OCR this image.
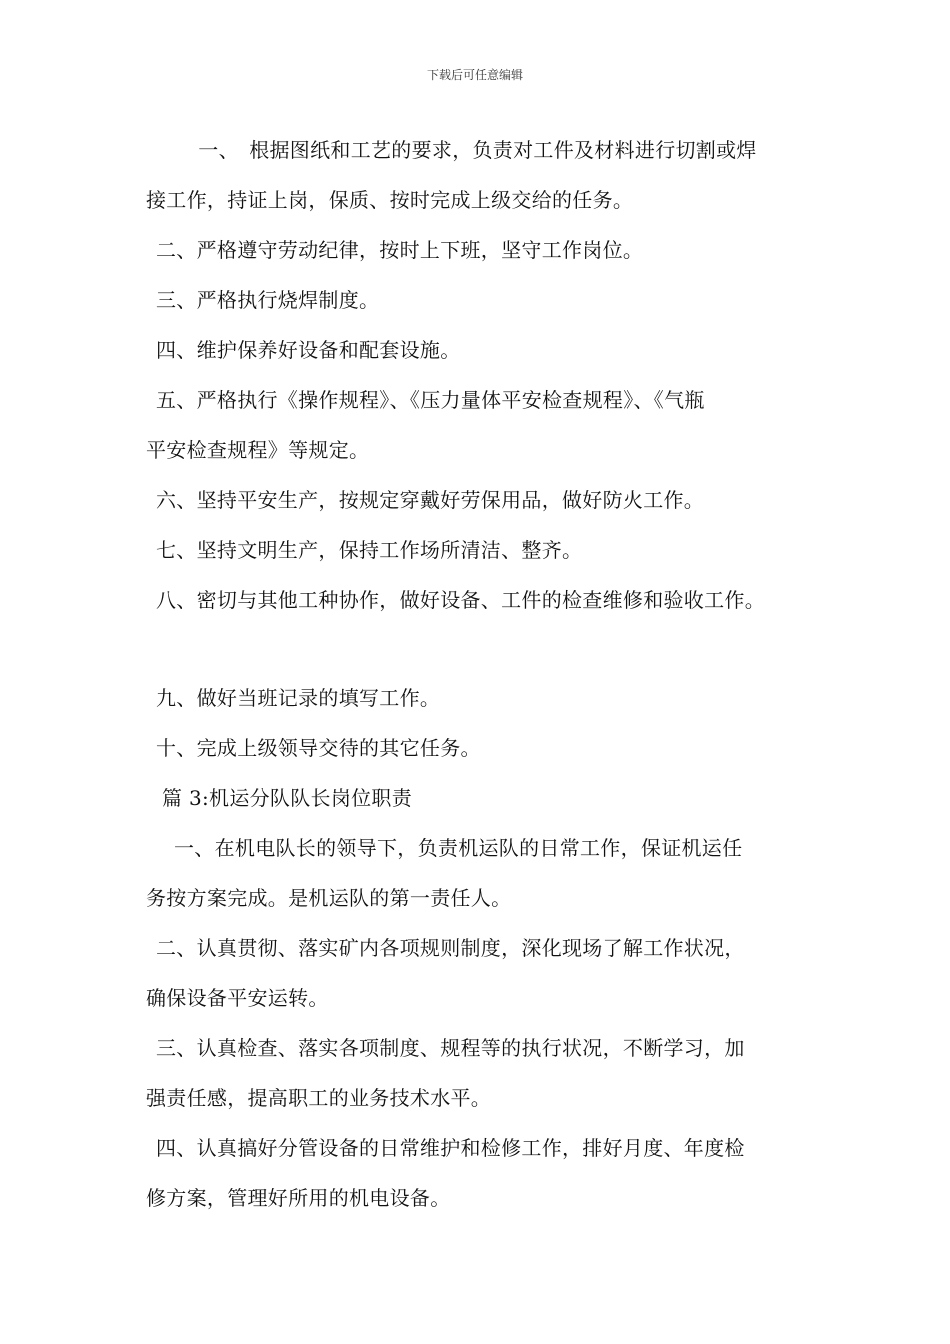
下载后可任意编辑
　一、　根据图纸和工艺的要求，负责对工件及材料进行切割或焊
接工作，持证上岗，保质、按时完成上级交给的任务。
二、严格遵守劳动纪律，按时上下班，坚守工作岗位。
三、严格执行烧焊制度。
四、维护保养好设备和配套设施。
五、严格执行《操作规程》、《压力量体平安检查规程》、《气瓶
平安检查规程》等规定。
六、坚持平安生产，按规定穿戴好劳保用品，做好防火工作。
七、坚持文明生产，保持工作场所清洁、整齐。
八、密切与其他工种协作，做好设备、工件的检查维修和验收工作。
九、做好当班记录的填写工作。
十、完成上级领导交待的其它任务。
篇 3:机运分队队长岗位职责
一、在机电队长的领导下，负责机运队的日常工作，保证机运任
务按方案完成。是机运队的第一责任人。
二、认真贯彻、落实矿内各项规则制度，深化现场了解工作状况，
确保设备平安运转。
三、认真检查、落实各项制度、规程等的执行状况，不断学习，加
强责任感，提高职工的业务技术水平。
四、认真搞好分管设备的日常维护和检修工作，排好月度、年度检
修方案，管理好所用的机电设备。
